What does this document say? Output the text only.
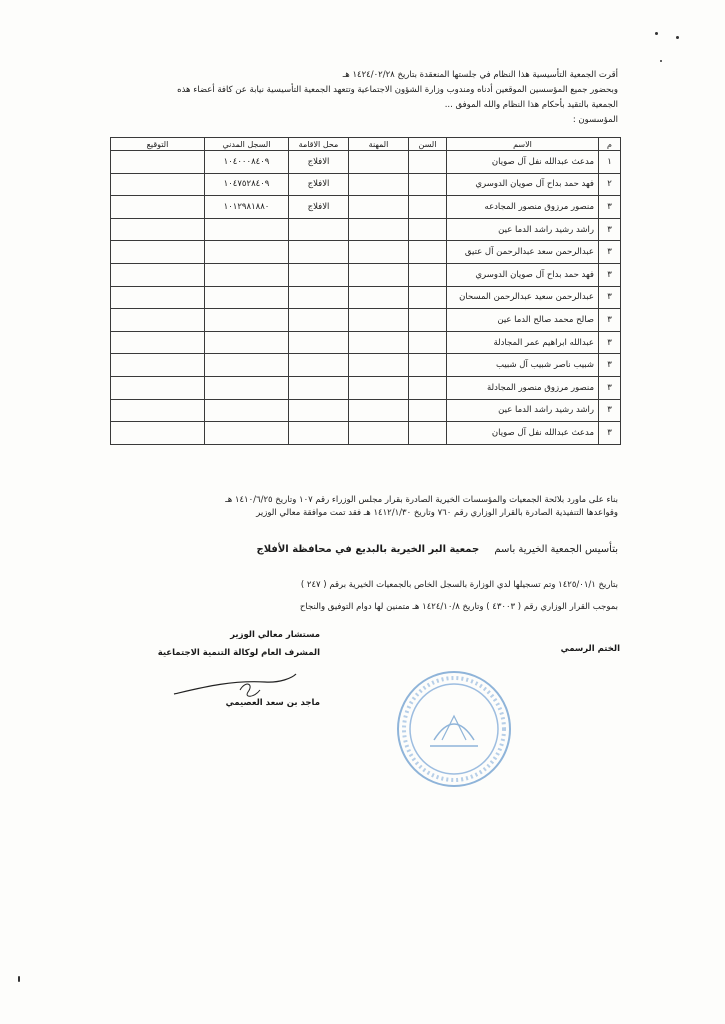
أقرت الجمعية التأسيسية هذا النظام في جلستها المنعقدة بتاريخ ١٤٢٤/٠٢/٢٨ هـ
وبحضور جميع المؤسسين الموقعين أدناه ومندوب وزارة الشؤون الاجتماعية وتتعهد الجمعية التأسيسية نيابة عن كافة أعضاء هذه
الجمعية بالتقيد بأحكام هذا النظام والله الموفق ...
المؤسسون :
م	الاسم	السن	المهنة	محل الاقامة	السجل المدني	التوقيع
١	مدعث عبدالله نفل آل صويان			الافلاج	١٠٤٠٠٠٨٤٠٩	
٢	فهد حمد بداح آل صويان الدوسري			الافلاج	١٠٤٧٥٢٨٤٠٩	
٣	منصور مرزوق منصور المجادعه			الافلاج	١٠١٢٩٨١٨٨٠	
٣	راشد رشيد راشد الدما عين					
٣	عبدالرحمن سعد عبدالرحمن آل عتيق					
٣	فهد حمد بداح آل صويان الدوسري					
٣	عبدالرحمن سعيد عبدالرحمن المسحان					
٣	صالح محمد صالح الدما عين					
٣	عبدالله ابراهيم عمر المجادلة					
٣	شبيب ناصر شبيب آل شبيب					
٣	منصور مرزوق منصور المجادلة					
٣	راشد رشيد راشد الدما عين					
٣	مدعث عبدالله نفل آل صويان					
بناء على ماورد بلائحة الجمعيات والمؤسسات الخيرية الصادرة بقرار مجلس الوزراء رقم ١٠٧ وتاريخ ١٤١٠/٦/٢٥ هـ
وقواعدها التنفيذية الصادرة بالقرار الوزاري رقم ٧٦٠ وتاريخ ١٤١٢/١/٣٠ هـ فقد تمت موافقة معالي الوزير
بتأسيس الجمعية الخيرية باسم جمعية البر الخيرية بالبديع في محافظة الأفلاج
بتاريخ ١٤٢٥/٠١/١ وتم تسجيلها لدي الوزارة بالسجل الخاص بالجمعيات الخيرية برقم ( ٢٤٧ )
بموجب القرار الوزاري رقم ( ٤٣٠٠٣ ) وتاريخ ١٤٢٤/١٠/٨ هـ متمنين لها دوام التوفيق والنجاح
مستشار معالي الوزير
المشرف العام لوكالة التنمية الاجتماعية
ماجد بن سعد العصيمي
الختم الرسمي
